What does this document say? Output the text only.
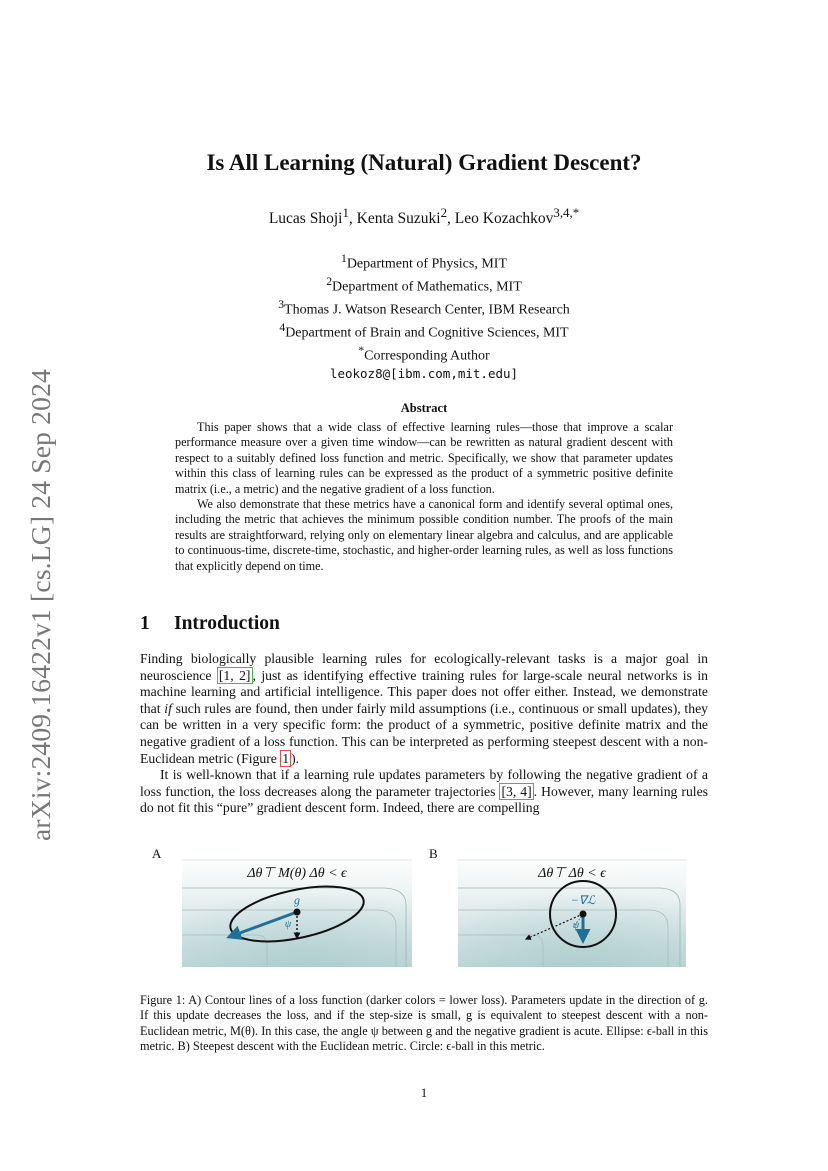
arXiv:2409.16422v1 [cs.LG] 24 Sep 2024
Is All Learning (Natural) Gradient Descent?
Lucas Shoji$^1$, Kenta Suzuki$^2$, Leo Kozachkov$^{3,4,*}$
$^1$Department of Physics, MIT
$^2$Department of Mathematics, MIT
$^3$Thomas J. Watson Research Center, IBM Research
$^4$Department of Brain and Cognitive Sciences, MIT
*Corresponding Author
leokoz8@[ibm.com,mit.edu]
Abstract

This paper shows that a wide class of effective learning rules—those that improve a scalar performance measure over a given time window—can be rewritten as natural gradient descent with respect to a suitably defined loss function and metric. Specifically, we show that parameter updates within this class of learning rules can be expressed as the product of a symmetric positive definite matrix (i.e., a metric) and the negative gradient of a loss function.

We also demonstrate that these metrics have a canonical form and identify several optimal ones, including the metric that achieves the minimum possible condition number. The proofs of the main results are straightforward, relying only on elementary linear algebra and calculus, and are applicable to continuous-time, discrete-time, stochastic, and higher-order learning rules, as well as loss functions that explicitly depend on time.

1 Introduction

Finding biologically plausible learning rules for ecologically-relevant tasks is a major goal in neuroscience [1, 2] , just as identifying effective training rules for large-scale neural networks is in machine learning and artificial intelligence. This paper does not offer either. Instead, we demonstrate that if such rules are found, then under fairly mild assumptions (i.e., continuous or small updates), they can be written in a very specific form: the product of a symmetric, positive definite matrix and the negative gradient of a loss function. This can be interpreted as performing steepest descent with a non-Euclidean metric (Figure 1 ).

It is well-known that if a learning rule updates parameters by following the negative gradient of a loss function, the loss decreases along the parameter trajectories [3, 4] . However, many learning rules do not fit this “pure” gradient descent form. Indeed, there are compelling

A	B
Δθ⊤ M(θ) Δθ < ϵ
g
ψ
Δθ⊤ Δθ < ϵ
−∇ℒ
ψ
Figure 1: A) Contour lines of a loss function (darker colors = lower loss). Parameters update in the direction of g. If this update decreases the loss, and if the step-size is small, g is equivalent to steepest descent with a non-Euclidean metric, M(θ). In this case, the angle ψ between g and the negative gradient is acute. Ellipse: ϵ-ball in this metric. B) Steepest descent with the Euclidean metric. Circle: ϵ-ball in this metric.
1
